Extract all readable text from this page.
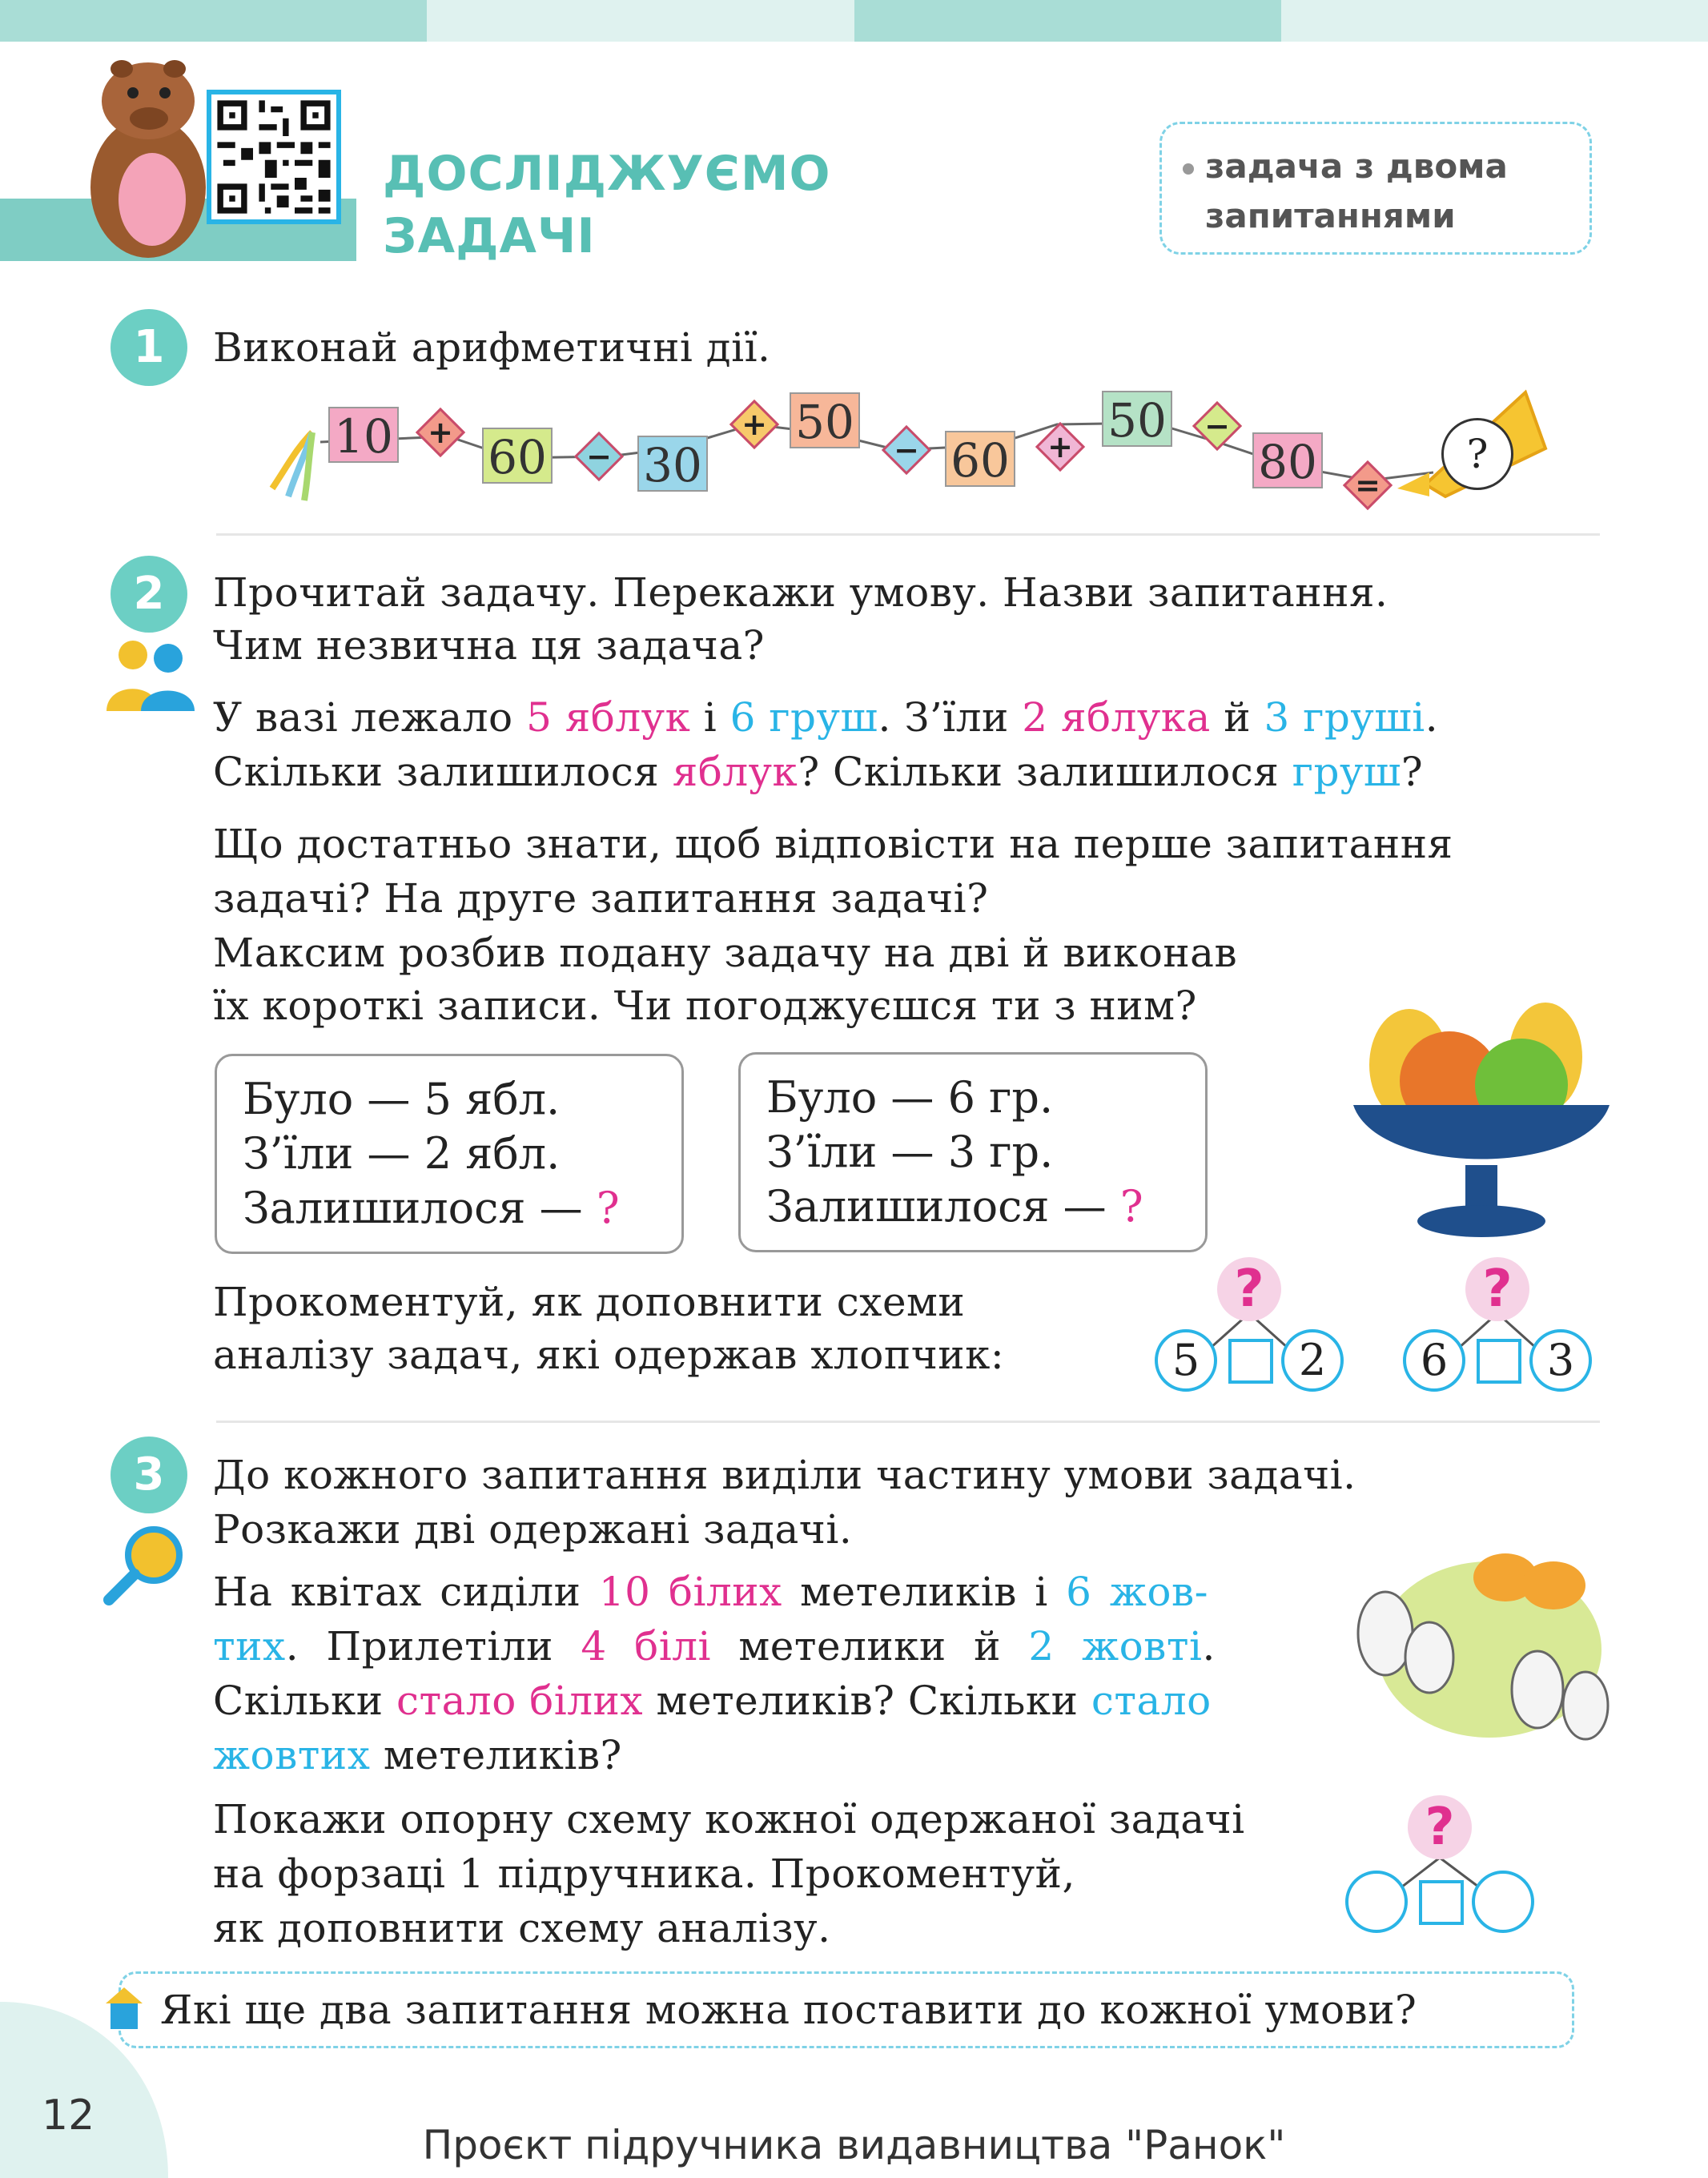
ДОСЛІДЖУЄМО
ЗАДАЧІ
задача з двома
запитаннями
1	Виконай арифметичні дії.
10 + 60 − 30
+ 50
− 60 + 50 −
80 =
?
2	Прочитай задачу. Перекажи умову. Назви запитання.
Чим незвична ця задача?
У вазі лежало 5 яблук і 6 груш. З’їли 2 яблука й 3 груші.
Скільки залишилося яблук? Скільки залишилося груш?
Що достатньо знати, щоб відповісти на перше запитання
задачі? На друге запитання задачі?
Максим розбив подану задачу на дві й виконав
їх короткі записи. Чи погоджуєшся ти з ним?
Було — 5 ябл.
З’їли — 2 ябл.
Залишилося — ?
Було — 6 гр.
З’їли — 3 гр.
Залишилося — ?
Прокоментуй, як доповнити схеми
аналізу задач, які одержав хлопчик:
?
5	2
?
6	3
3	До кожного запитання виділи частину умови задачі.
Розкажи дві одержані задачі.
На квітах сиділи 10 білих метеликів і 6 жов-
тих. Прилетіли 4 білі метелики й 2 жовті.
Скільки стало білих метеликів? Скільки стало
жовтих метеликів?
Покажи опорну схему кожної одержаної задачі
на форзаці 1 підручника. Прокоментуй,
як доповнити схему аналізу.
?
Які ще два запитання можна поставити до кожної умови?
12
Проєкт підручника видавництва "Ранок"
